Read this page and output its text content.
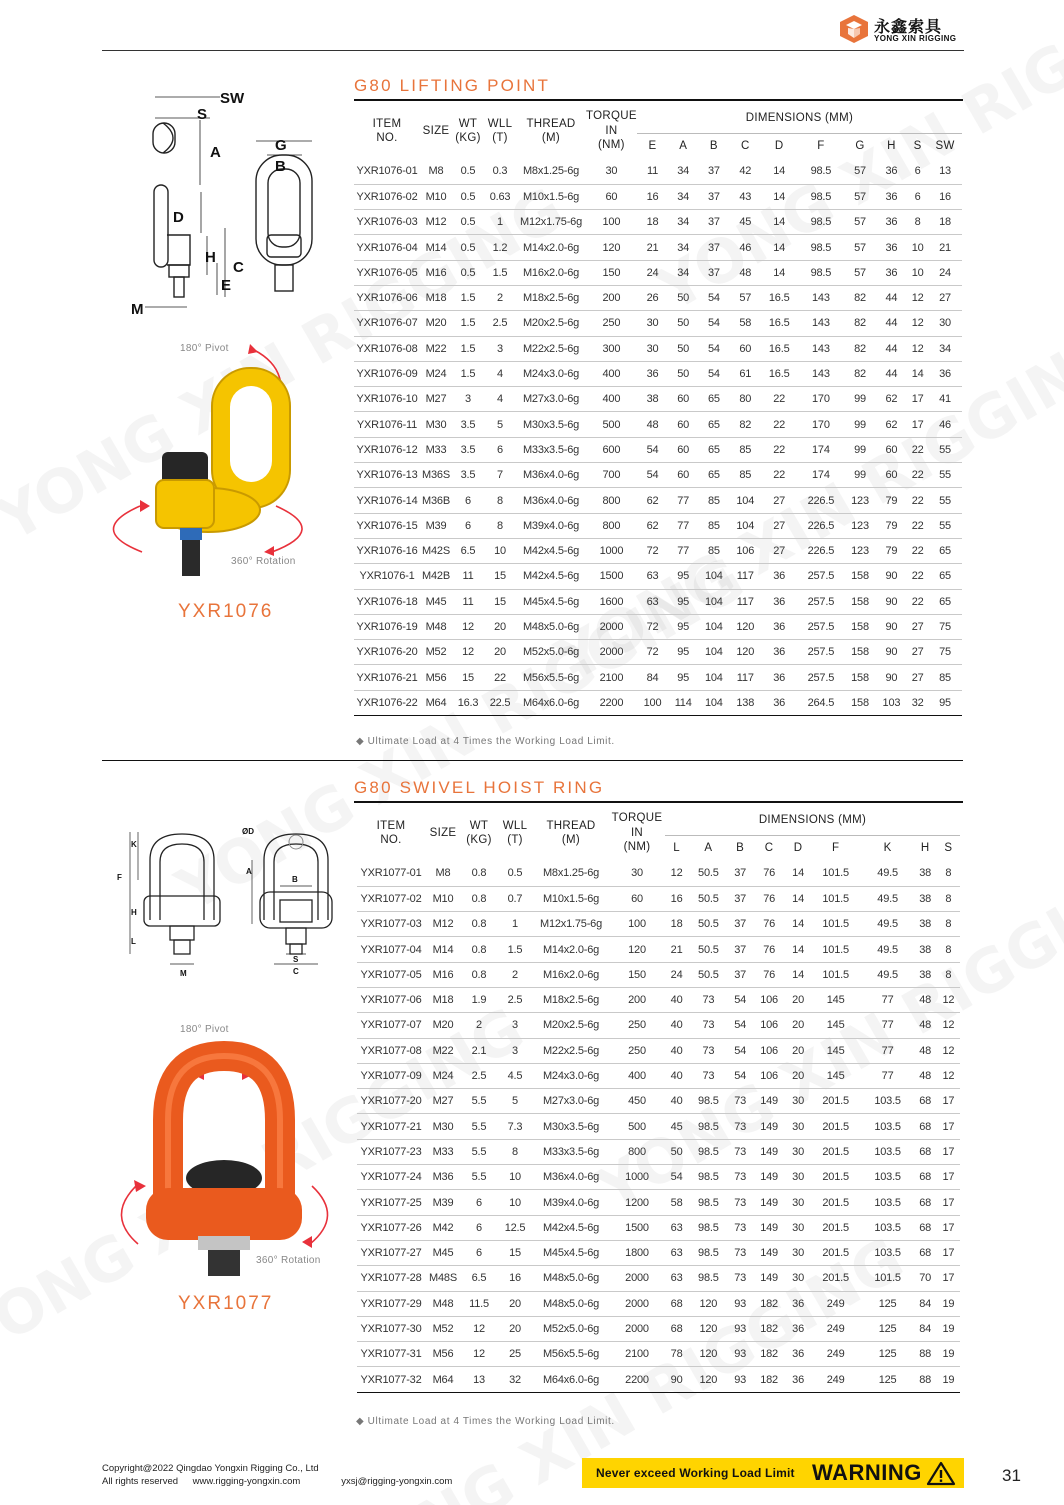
永鑫索具
YONG XIN RIGGING
G80 LIFTING POINT
SW
S
A	G
B
D
H
C
E
M
180° Pivot
360° Rotation
YXR1076
ITEM
NO.	SIZE	WT
(KG)	WLL
(T)	THREAD
(M)	TORQUE
IN
(NM)	DIMENSIONS (MM)									
						E	A	B	C	D	F	G	H	S	SW
YXR1076-01	M8	0.5	0.3	M8x1.25-6g	30	11	34	37	42	14	98.5	57	36	6	13
YXR1076-02	M10	0.5	0.63	M10x1.5-6g	60	16	34	37	43	14	98.5	57	36	6	16
YXR1076-03	M12	0.5	1	M12x1.75-6g	100	18	34	37	45	14	98.5	57	36	8	18
YXR1076-04	M14	0.5	1.2	M14x2.0-6g	120	21	34	37	46	14	98.5	57	36	10	21
YXR1076-05	M16	0.5	1.5	M16x2.0-6g	150	24	34	37	48	14	98.5	57	36	10	24
YXR1076-06	M18	1.5	2	M18x2.5-6g	200	26	50	54	57	16.5	143	82	44	12	27
YXR1076-07	M20	1.5	2.5	M20x2.5-6g	250	30	50	54	58	16.5	143	82	44	12	30
YXR1076-08	M22	1.5	3	M22x2.5-6g	300	30	50	54	60	16.5	143	82	44	12	34
YXR1076-09	M24	1.5	4	M24x3.0-6g	400	36	50	54	61	16.5	143	82	44	14	36
YXR1076-10	M27	3	4	M27x3.0-6g	400	38	60	65	80	22	170	99	62	17	41
YXR1076-11	M30	3.5	5	M30x3.5-6g	500	48	60	65	82	22	170	99	62	17	46
YXR1076-12	M33	3.5	6	M33x3.5-6g	600	54	60	65	85	22	174	99	60	22	55
YXR1076-13	M36S	3.5	7	M36x4.0-6g	700	54	60	65	85	22	174	99	60	22	55
YXR1076-14	M36B	6	8	M36x4.0-6g	800	62	77	85	104	27	226.5	123	79	22	55
YXR1076-15	M39	6	8	M39x4.0-6g	800	62	77	85	104	27	226.5	123	79	22	55
YXR1076-16	M42S	6.5	10	M42x4.5-6g	1000	72	77	85	106	27	226.5	123	79	22	65
YXR1076-1	M42B	11	15	M42x4.5-6g	1500	63	95	104	117	36	257.5	158	90	22	65
YXR1076-18	M45	11	15	M45x4.5-6g	1600	63	95	104	117	36	257.5	158	90	22	65
YXR1076-19	M48	12	20	M48x5.0-6g	2000	72	95	104	120	36	257.5	158	90	27	75
YXR1076-20	M52	12	20	M52x5.0-6g	2000	72	95	104	120	36	257.5	158	90	27	75
YXR1076-21	M56	15	22	M56x5.5-6g	2100	84	95	104	117	36	257.5	158	90	27	85
YXR1076-22	M64	16.3	22.5	M64x6.0-6g	2200	100	114	104	138	36	264.5	158	103	32	95
◆ Ultimate Load at 4 Times the Working Load Limit.
G80 SWIVEL HOIST RING
K
F
A
H
L
M
ØD
B
S
C
180° Pivot
360° Rotation
YXR1077
ITEM
NO.	SIZE	WT
(KG)	WLL
(T)	THREAD
(M)	TORQUE
IN
(NM)	DIMENSIONS (MM)								
						L	A	B	C	D	F	K	H	S
YXR1077-01	M8	0.8	0.5	M8x1.25-6g	30	12	50.5	37	76	14	101.5	49.5	38	8
YXR1077-02	M10	0.8	0.7	M10x1.5-6g	60	16	50.5	37	76	14	101.5	49.5	38	8
YXR1077-03	M12	0.8	1	M12x1.75-6g	100	18	50.5	37	76	14	101.5	49.5	38	8
YXR1077-04	M14	0.8	1.5	M14x2.0-6g	120	21	50.5	37	76	14	101.5	49.5	38	8
YXR1077-05	M16	0.8	2	M16x2.0-6g	150	24	50.5	37	76	14	101.5	49.5	38	8
YXR1077-06	M18	1.9	2.5	M18x2.5-6g	200	40	73	54	106	20	145	77	48	12
YXR1077-07	M20	2	3	M20x2.5-6g	250	40	73	54	106	20	145	77	48	12
YXR1077-08	M22	2.1	3	M22x2.5-6g	250	40	73	54	106	20	145	77	48	12
YXR1077-09	M24	2.5	4.5	M24x3.0-6g	400	40	73	54	106	20	145	77	48	12
YXR1077-20	M27	5.5	5	M27x3.0-6g	450	40	98.5	73	149	30	201.5	103.5	68	17
YXR1077-21	M30	5.5	7.3	M30x3.5-6g	500	45	98.5	73	149	30	201.5	103.5	68	17
YXR1077-23	M33	5.5	8	M33x3.5-6g	800	50	98.5	73	149	30	201.5	103.5	68	17
YXR1077-24	M36	5.5	10	M36x4.0-6g	1000	54	98.5	73	149	30	201.5	103.5	68	17
YXR1077-25	M39	6	10	M39x4.0-6g	1200	58	98.5	73	149	30	201.5	103.5	68	17
YXR1077-26	M42	6	12.5	M42x4.5-6g	1500	63	98.5	73	149	30	201.5	103.5	68	17
YXR1077-27	M45	6	15	M45x4.5-6g	1800	63	98.5	73	149	30	201.5	103.5	68	17
YXR1077-28	M48S	6.5	16	M48x5.0-6g	2000	63	98.5	73	149	30	201.5	101.5	70	17
YXR1077-29	M48	11.5	20	M48x5.0-6g	2000	68	120	93	182	36	249	125	84	19
YXR1077-30	M52	12	20	M52x5.0-6g	2000	68	120	93	182	36	249	125	84	19
YXR1077-31	M56	12	25	M56x5.5-6g	2100	78	120	93	182	36	249	125	88	19
YXR1077-32	M64	13	32	M64x6.0-6g	2200	90	120	93	182	36	249	125	88	19
◆ Ultimate Load at 4 Times the Working Load Limit.
Copyright@2022 Qingdao Yongxin Rigging Co., Ltd
All rights reserved www.rigging-yongxin.com	yxsj@rigging-yongxin.com
Never exceed Working Load Limit WARNING	31
